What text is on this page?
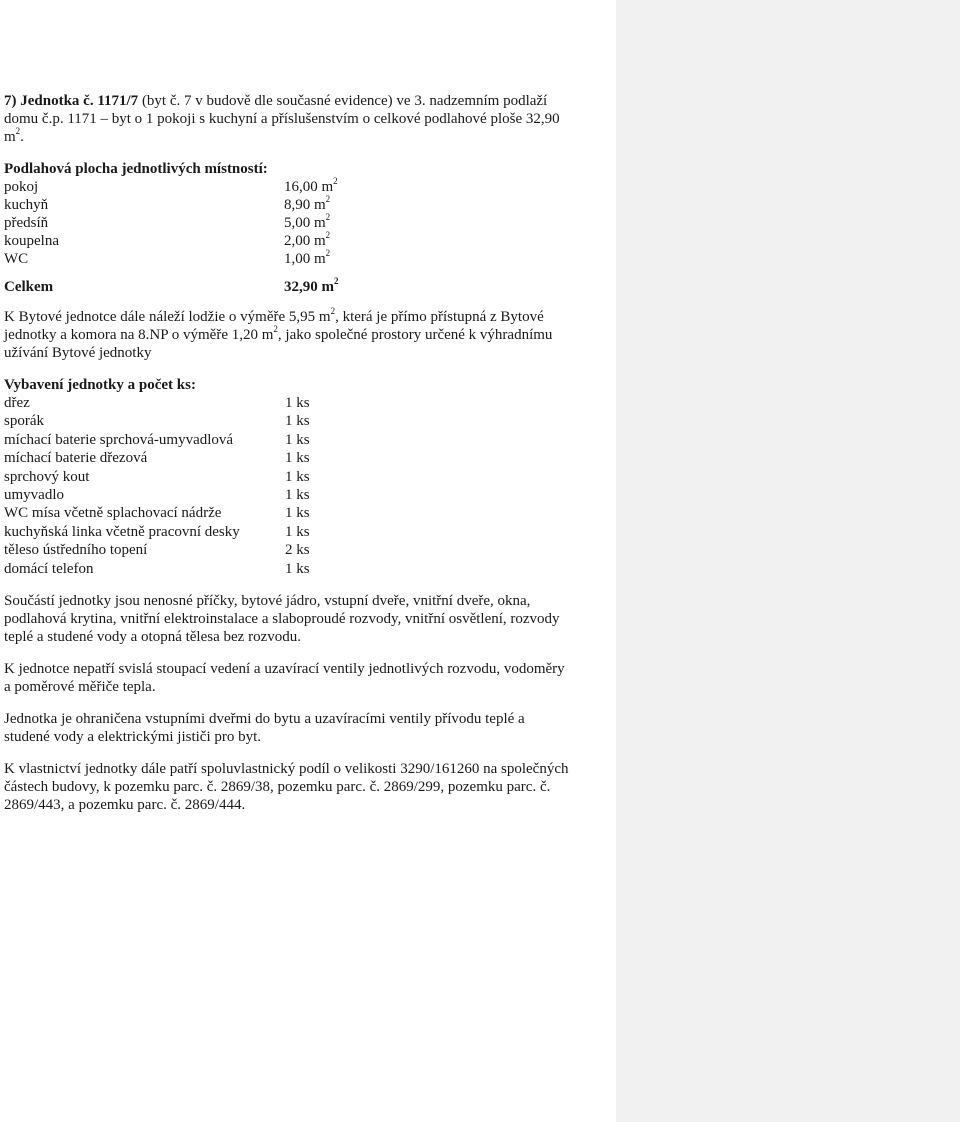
7) Jednotka č. 1171/7 (byt č. 7 v budově dle současné evidence) ve 3. nadzemním podlaží

domu č.p. 1171 – byt o 1 pokoji s kuchyní a příslušenstvím o celkové podlahové ploše 32,90

$m^2$.

Podlahová plocha jednotlivých místností:

pokoj	16,00 $m^2$
kuchyň	8,90 $m^2$
předsíň	5,00 $m^2$
koupelna	2,00 $m^2$
WC	1,00 $m^2$
Celkem	32,90 $m^2$

K Bytové jednotce dále náleží lodžie o výměře 5,95 $m^2$, která je přímo přístupná z Bytové

jednotky a komora na 8.NP o výměře 1,20 $m^2$, jako společné prostory určené k výhradnímu

užívání Bytové jednotky

Vybavení jednotky a počet ks:

dřez	1 ks
sporák	1 ks
míchací baterie sprchová-umyvadlová	1 ks
míchací baterie dřezová	1 ks
sprchový kout	1 ks
umyvadlo	1 ks
WC mísa včetně splachovací nádrže	1 ks
kuchyňská linka včetně pracovní desky	1 ks
těleso ústředního topení	2 ks
domácí telefon	1 ks

Součástí jednotky jsou nenosné příčky, bytové jádro, vstupní dveře, vnitřní dveře, okna,

podlahová krytina, vnitřní elektroinstalace a slaboproudé rozvody, vnitřní osvětlení, rozvody

teplé a studené vody a otopná tělesa bez rozvodu.

K jednotce nepatří svislá stoupací vedení a uzavírací ventily jednotlivých rozvodu, vodoměry

a poměrové měřiče tepla.

Jednotka je ohraničena vstupními dveřmi do bytu a uzavíracími ventily přívodu teplé a

studené vody a elektrickými jističi pro byt.

K vlastnictví jednotky dále patří spoluvlastnický podíl o velikosti 3290/161260 na společných

částech budovy, k pozemku parc. č. 2869/38, pozemku parc. č. 2869/299, pozemku parc. č.

2869/443, a pozemku parc. č. 2869/444.
